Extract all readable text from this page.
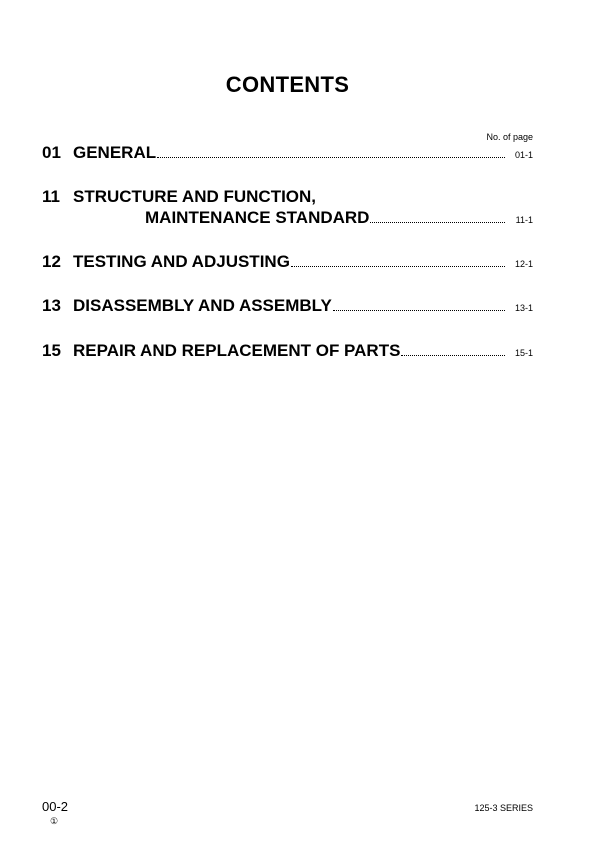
CONTENTS
No. of page
01 GENERAL	01-1
11 STRUCTURE AND FUNCTION,
MAINTENANCE STANDARD	11-1
12 TESTING AND ADJUSTING	12-1
13 DISASSEMBLY AND ASSEMBLY	13-1
15 REPAIR AND REPLACEMENT OF PARTS	15-1
00-2
①
125-3 SERIES
